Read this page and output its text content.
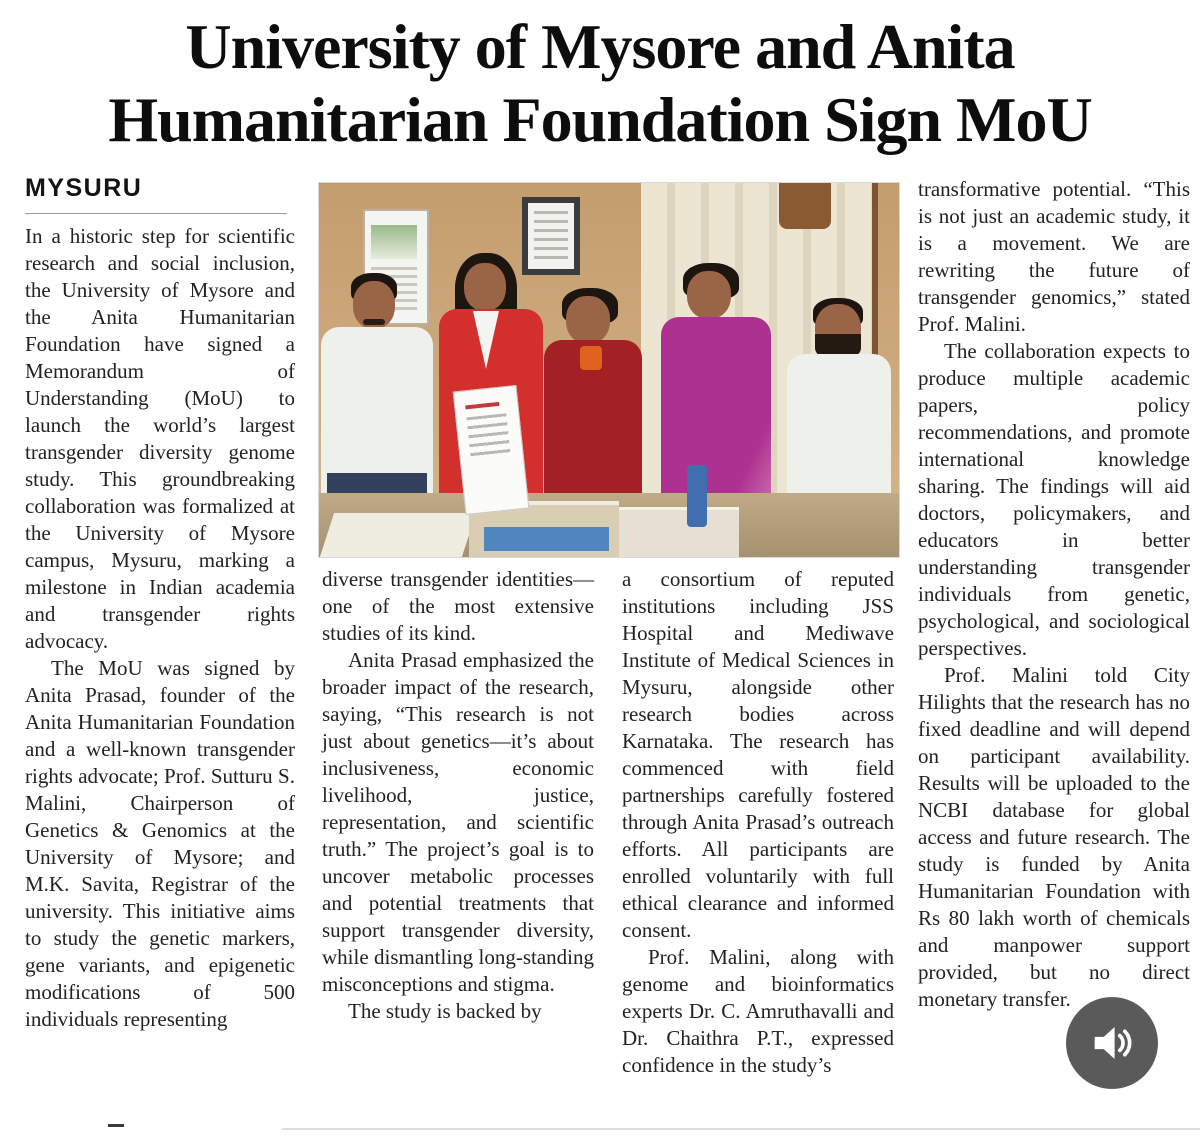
University of Mysore and Anita
Humanitarian Foundation Sign MoU
MYSURU

In a historic step for scientific research and social inclusion, the University of Mysore and the Anita Humanitarian Foundation have signed a Memorandum of Understanding (MoU) to launch the world’s largest transgender diversity genome study. This groundbreaking collaboration was formalized at the University of Mysore campus, Mysuru, marking a milestone in Indian academia and transgender rights advocacy.

The MoU was signed by Anita Prasad, founder of the Anita Humanitarian Foundation and a well-known transgender rights advocate; Prof. Sutturu S. Malini, Chairperson of Genetics & Genomics at the University of Mysore; and M.K. Savita, Registrar of the university. This initiative aims to study the genetic markers, gene variants, and epigenetic modifications of 500 individuals representing

diverse transgender identities—one of the most extensive studies of its kind.

Anita Prasad emphasized the broader impact of the research, saying, “This research is not just about genetics—it’s about inclusiveness, economic livelihood, justice, representation, and scientific truth.” The project’s goal is to uncover metabolic processes and potential treatments that support transgender diversity, while dismantling long-standing misconceptions and stigma.

The study is backed by

a consortium of reputed institutions including JSS Hospital and Mediwave Institute of Medical Sciences in Mysuru, alongside other research bodies across Karnataka. The research has commenced with field partnerships carefully fostered through Anita Prasad’s outreach efforts. All participants are enrolled voluntarily with full ethical clearance and informed consent.

Prof. Malini, along with genome and bioinformatics experts Dr. C. Amruthavalli and Dr. Chaithra P.T., expressed confidence in the study’s

transformative potential. “This is not just an academic study, it is a movement. We are rewriting the future of transgender genomics,” stated Prof. Malini.

The collaboration expects to produce multiple academic papers, policy recommendations, and promote international knowledge sharing. The findings will aid doctors, policymakers, and educators in better understanding transgender individuals from genetic, psychological, and sociological perspectives.

Prof. Malini told City Hilights that the research has no fixed deadline and will depend on participant availability. Results will be uploaded to the NCBI database for global access and future research. The study is funded by Anita Humanitarian Foundation with Rs 80 lakh worth of chemicals and manpower support provided, but no direct monetary transfer.
